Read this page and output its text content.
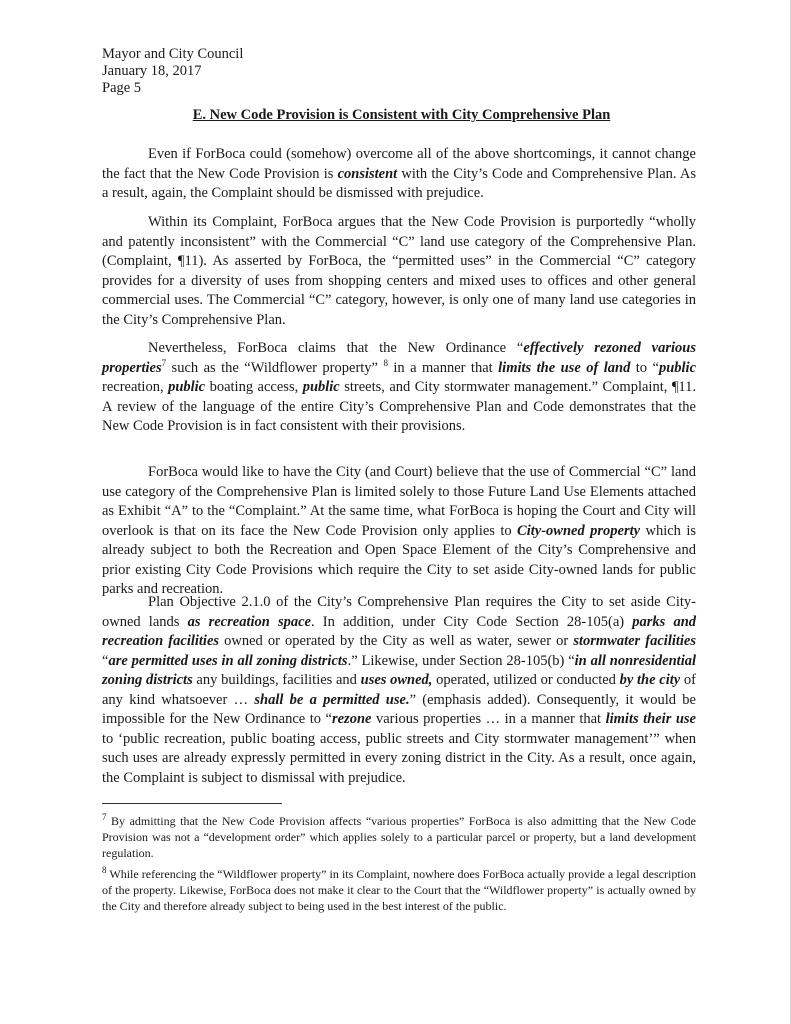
Mayor and City Council
January 18, 2017
Page 5
E. New Code Provision is Consistent with City Comprehensive Plan

Even if ForBoca could (somehow) overcome all of the above shortcomings, it cannot change the fact that the New Code Provision is consistent with the City’s Code and Comprehensive Plan. As a result, again, the Complaint should be dismissed with prejudice.

Within its Complaint, ForBoca argues that the New Code Provision is purportedly “wholly and patently inconsistent” with the Commercial “C” land use category of the Comprehensive Plan. (Complaint, ¶11). As asserted by ForBoca, the “permitted uses” in the Commercial “C” category provides for a diversity of uses from shopping centers and mixed uses to offices and other general commercial uses. The Commercial “C” category, however, is only one of many land use categories in the City’s Comprehensive Plan.

Nevertheless, ForBoca claims that the New Ordinance “effectively rezoned various properties$^7$ such as the “Wildflower property” $^8$ in a manner that limits the use of land to “public recreation, public boating access, public streets, and City stormwater management.” Complaint, ¶11. A review of the language of the entire City’s Comprehensive Plan and Code demonstrates that the New Code Provision is in fact consistent with their provisions.

ForBoca would like to have the City (and Court) believe that the use of Commercial “C” land use category of the Comprehensive Plan is limited solely to those Future Land Use Elements attached as Exhibit “A” to the “Complaint.” At the same time, what ForBoca is hoping the Court and City will overlook is that on its face the New Code Provision only applies to City-owned property which is already subject to both the Recreation and Open Space Element of the City’s Comprehensive and prior existing City Code Provisions which require the City to set aside City-owned lands for public parks and recreation.

Plan Objective 2.1.0 of the City’s Comprehensive Plan requires the City to set aside City-owned lands as recreation space. In addition, under City Code Section 28-105(a) parks and recreation facilities owned or operated by the City as well as water, sewer or stormwater facilities “are permitted uses in all zoning districts.” Likewise, under Section 28-105(b) “in all nonresidential zoning districts any buildings, facilities and uses owned, operated, utilized or conducted by the city of any kind whatsoever … shall be a permitted use.” (emphasis added). Consequently, it would be impossible for the New Ordinance to “rezone various properties … in a manner that limits their use to ‘public recreation, public boating access, public streets and City stormwater management’” when such uses are already expressly permitted in every zoning district in the City. As a result, once again, the Complaint is subject to dismissal with prejudice.

$^7$ By admitting that the New Code Provision affects “various properties” ForBoca is also admitting that the New Code Provision was not a “development order” which applies solely to a particular parcel or property, but a land development regulation.

$^8$ While referencing the “Wildflower property” in its Complaint, nowhere does ForBoca actually provide a legal description of the property. Likewise, ForBoca does not make it clear to the Court that the “Wildflower property” is actually owned by the City and therefore already subject to being used in the best interest of the public.
